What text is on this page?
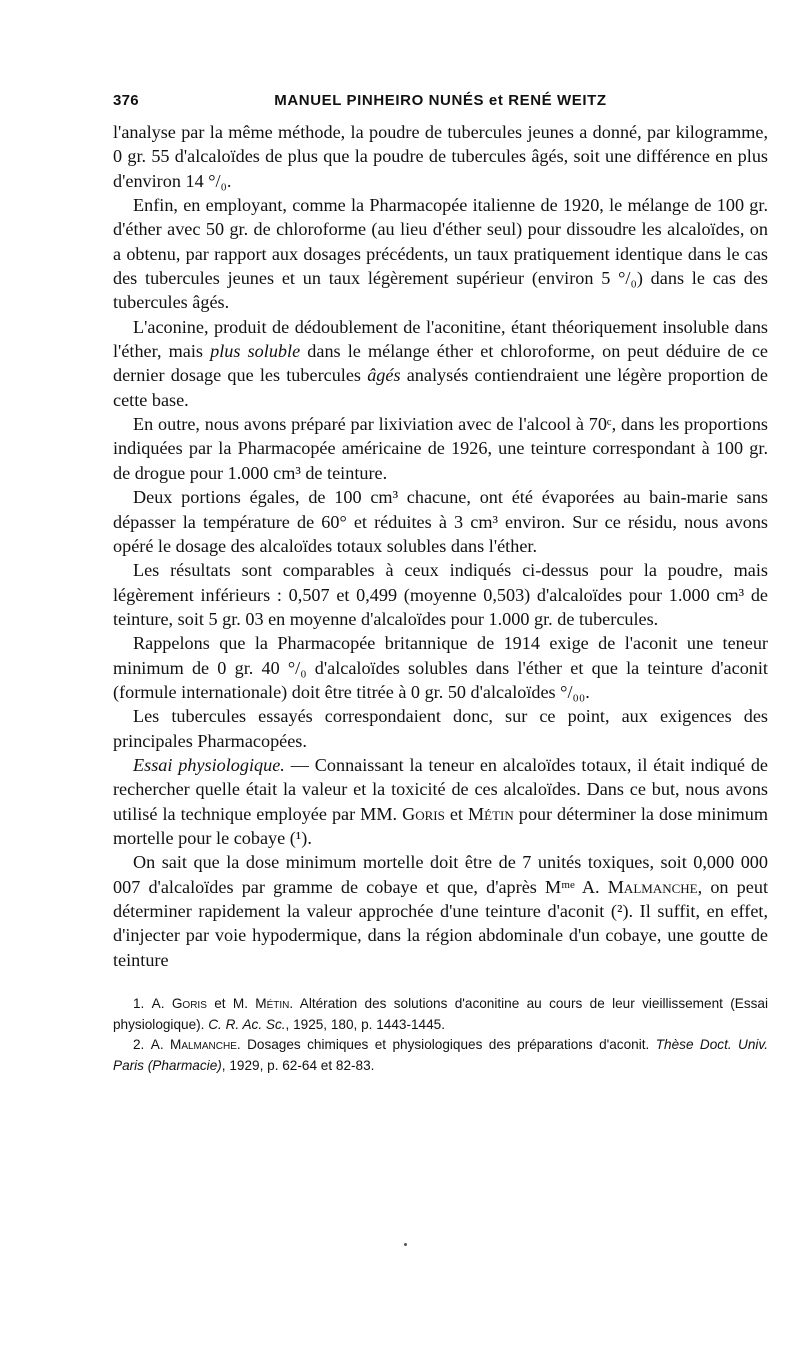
376	MANUEL PINHEIRO NUNÉS et RENÉ WEITZ

l'analyse par la même méthode, la poudre de tubercules jeunes a donné, par kilogramme, 0 gr. 55 d'alcaloïdes de plus que la poudre de tubercules âgés, soit une différence en plus d'environ 14 °/₀.

Enfin, en employant, comme la Pharmacopée italienne de 1920, le mélange de 100 gr. d'éther avec 50 gr. de chloroforme (au lieu d'éther seul) pour dissoudre les alcaloïdes, on a obtenu, par rapport aux dosages précédents, un taux pratiquement identique dans le cas des tubercules jeunes et un taux légèrement supérieur (environ 5 °/₀) dans le cas des tubercules âgés.

L'aconine, produit de dédoublement de l'aconitine, étant théoriquement insoluble dans l'éther, mais plus soluble dans le mélange éther et chloroforme, on peut déduire de ce dernier dosage que les tubercules âgés analysés contiendraient une légère proportion de cette base.

En outre, nous avons préparé par lixiviation avec de l'alcool à 70ᶜ, dans les proportions indiquées par la Pharmacopée américaine de 1926, une teinture correspondant à 100 gr. de drogue pour 1.000 cm³ de teinture.

Deux portions égales, de 100 cm³ chacune, ont été évaporées au bain-marie sans dépasser la température de 60° et réduites à 3 cm³ environ. Sur ce résidu, nous avons opéré le dosage des alcaloïdes totaux solubles dans l'éther.

Les résultats sont comparables à ceux indiqués ci-dessus pour la poudre, mais légèrement inférieurs : 0,507 et 0,499 (moyenne 0,503) d'alcaloïdes pour 1.000 cm³ de teinture, soit 5 gr. 03 en moyenne d'alcaloïdes pour 1.000 gr. de tubercules.

Rappelons que la Pharmacopée britannique de 1914 exige de l'aconit une teneur minimum de 0 gr. 40 °/₀ d'alcaloïdes solubles dans l'éther et que la teinture d'aconit (formule internationale) doit être titrée à 0 gr. 50 d'alcaloïdes °/₀₀.

Les tubercules essayés correspondaient donc, sur ce point, aux exigences des principales Pharmacopées.

Essai physiologique. — Connaissant la teneur en alcaloïdes totaux, il était indiqué de rechercher quelle était la valeur et la toxicité de ces alcaloïdes. Dans ce but, nous avons utilisé la technique employée par MM. Goris et Métin pour déterminer la dose minimum mortelle pour le cobaye (¹).

On sait que la dose minimum mortelle doit être de 7 unités toxiques, soit 0,000 000 007 d'alcaloïdes par gramme de cobaye et que, d'après Mᵐᵉ A. Malmanche, on peut déterminer rapidement la valeur approchée d'une teinture d'aconit (²). Il suffit, en effet, d'injecter par voie hypodermique, dans la région abdominale d'un cobaye, une goutte de teinture

1. A. Goris et M. Métin. Altération des solutions d'aconitine au cours de leur vieillissement (Essai physiologique). C. R. Ac. Sc., 1925, 180, p. 1443-1445.

2. A. Malmanche. Dosages chimiques et physiologiques des préparations d'aconit. Thèse Doct. Univ. Paris (Pharmacie), 1929, p. 62-64 et 82-83.
